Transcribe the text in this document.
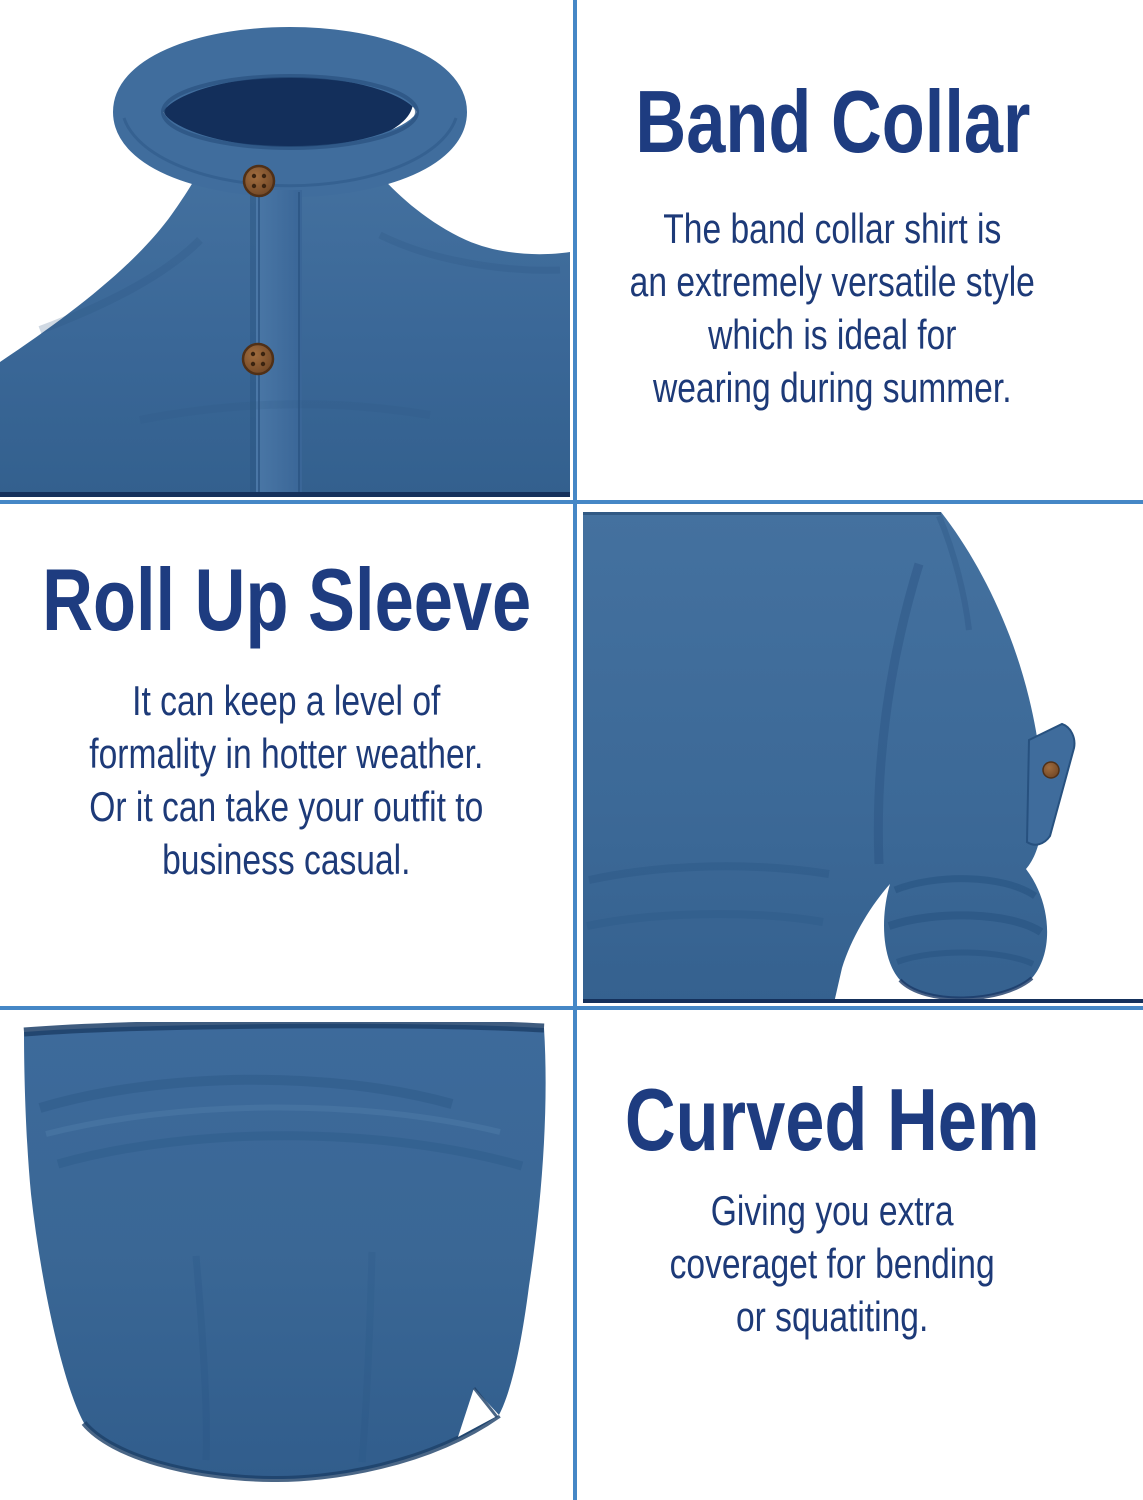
Band Collar
The band collar shirt is
an extremely versatile style
which is ideal for
wearing during summer.
Roll Up Sleeve
It can keep a level of
formality in hotter weather.
Or it can take your outfit to
business casual.
Curved Hem
Giving you extra
coveraget for bending
or squatiting.
